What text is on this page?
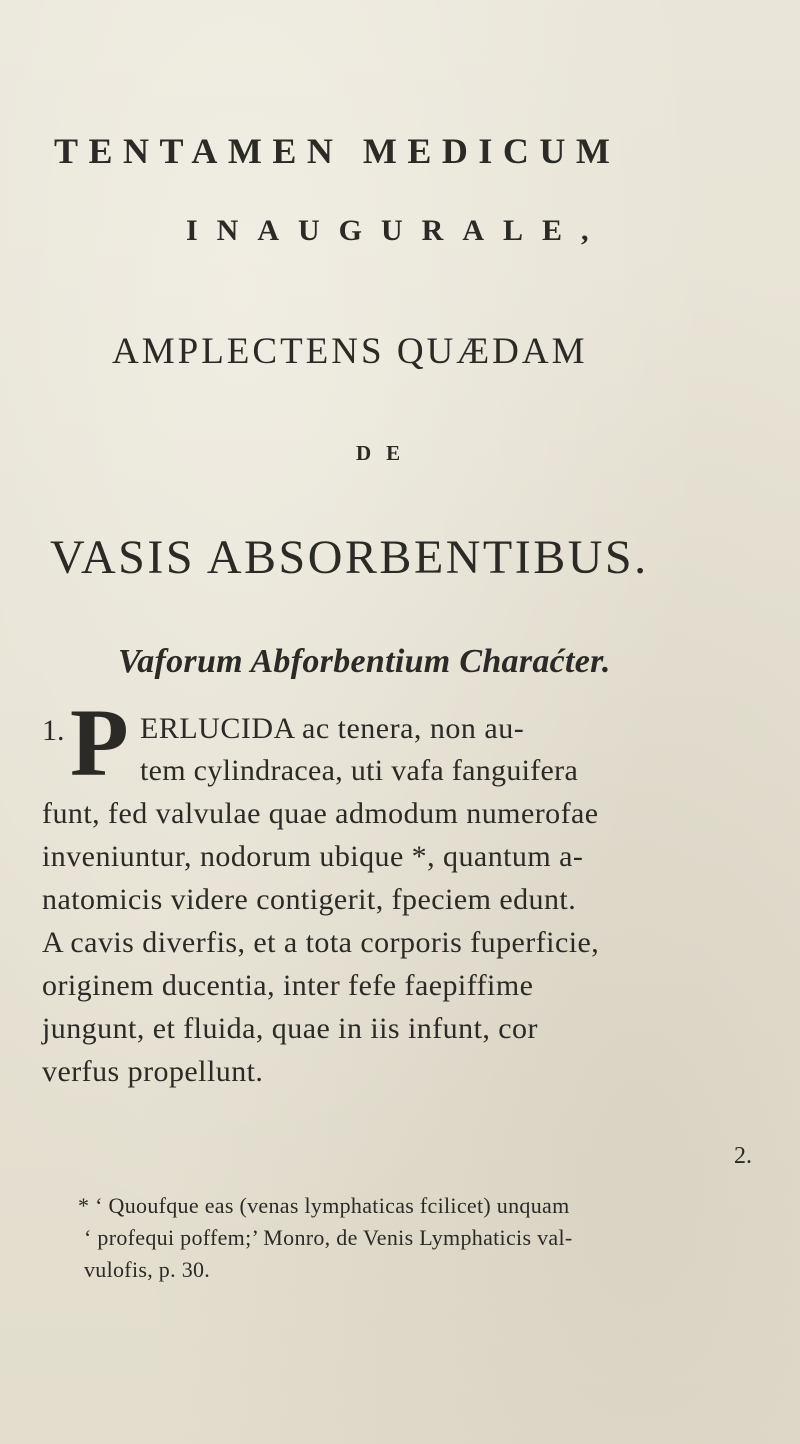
TENTAMEN MEDICUM
INAUGURALE,
AMPLECTENS QUÆDAM
DE
VASIS ABSORBENTIBUS.
Vaforum Abforbentium Charaćter.
1. P ERLUCIDA ac tenera, non au-
tem cylindracea, uti vafa fanguifera
funt, fed valvulae quae admodum numerofae
inveniuntur, nodorum ubique *, quantum a-
natomicis videre contigerit, fpeciem edunt.
A cavis diverfis, et a tota corporis fuperficie,
originem ducentia, inter fefe faepiffime
jungunt, et fluida, quae in iis infunt, cor
verfus propellunt.
2.
* ‘ Quoufque eas (venas lymphaticas fcilicet) unquam
‘ profequi poffem;’ Monro, de Venis Lymphaticis val-
vulofis, p. 30.
